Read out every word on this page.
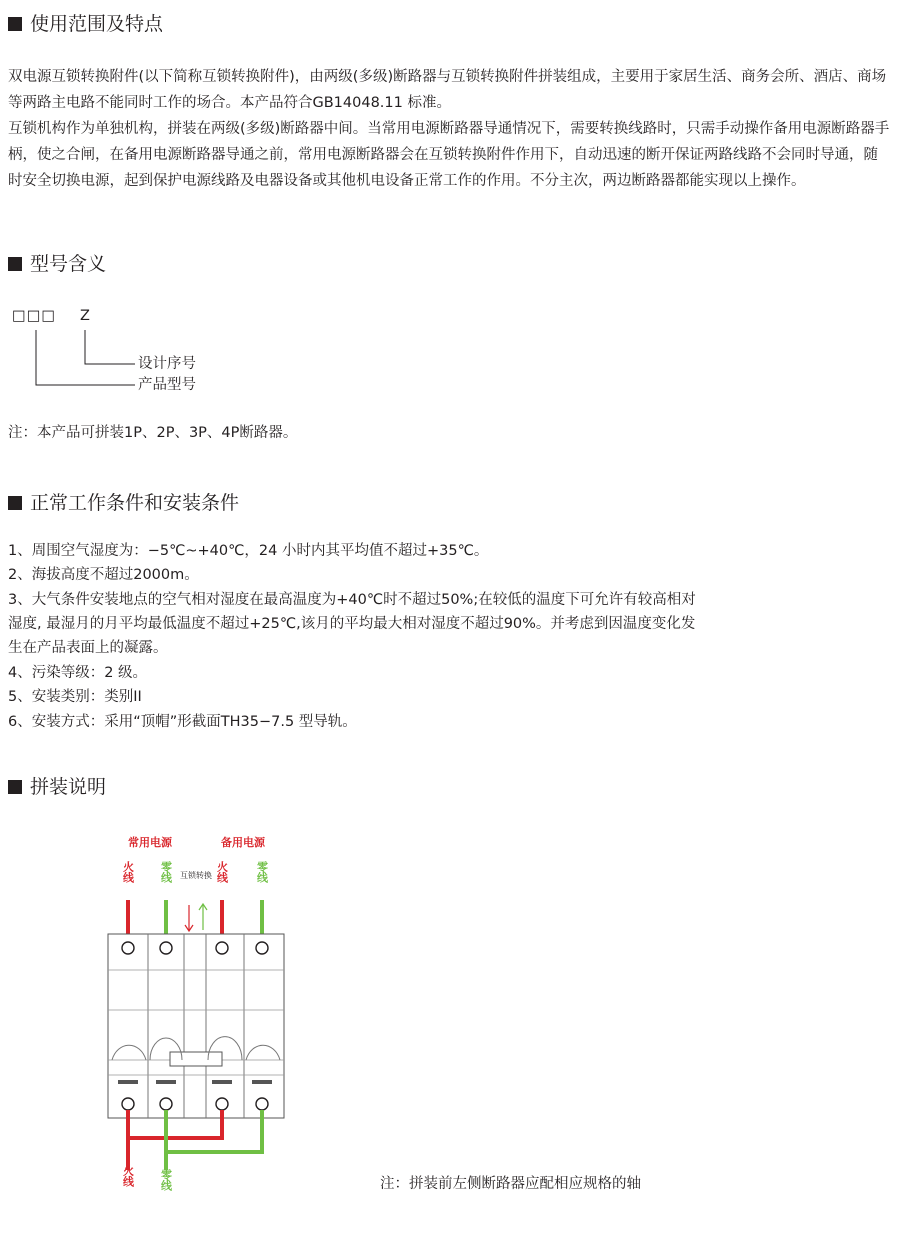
使用范围及特点

双电源互锁转换附件(以下简称互锁转换附件)，由两级(多级)断路器与互锁转换附件拼装组成，主要用于家居生活、商务会所、酒店、商场等两路主电路不能同时工作的场合。本产品符合GB14048.11 标准。

互锁机构作为单独机构，拼装在两级(多级)断路器中间。当常用电源断路器导通情况下，需要转换线路时，只需手动操作备用电源断路器手柄，使之合闸，在备用电源断路器导通之前，常用电源断路器会在互锁转换附件作用下，自动迅速的断开保证两路线路不会同时导通，随时安全切换电源，起到保护电源线路及电器设备或其他机电设备正常工作的作用。不分主次，两边断路器都能实现以上操作。

型号含义
□□□ Z
设计序号
产品型号
注：本产品可拼装1P、2P、3P、4P断路器。
正常工作条件和安装条件
1、周围空气湿度为：−5℃~+40℃，24 小时内其平均值不超过+35℃。
2、海拔高度不超过2000m。
3、大气条件安装地点的空气相对湿度在最高温度为+40℃时不超过50%;在较低的温度下可允许有较高相对
湿度, 最湿月的月平均最低温度不超过+25℃,该月的平均最大相对湿度不超过90%。并考虑到因温度变化发
生在产品表面上的凝露。
4、污染等级：2 级。
5、安装类别：类别II
6、安装方式：采用“顶帽”形截面TH35−7.5 型导轨。
拼装说明
常用电源	备用电源
火线 零线	火线 零线
互锁转换
火线 零线	注：拼装前左侧断路器应配相应规格的轴
